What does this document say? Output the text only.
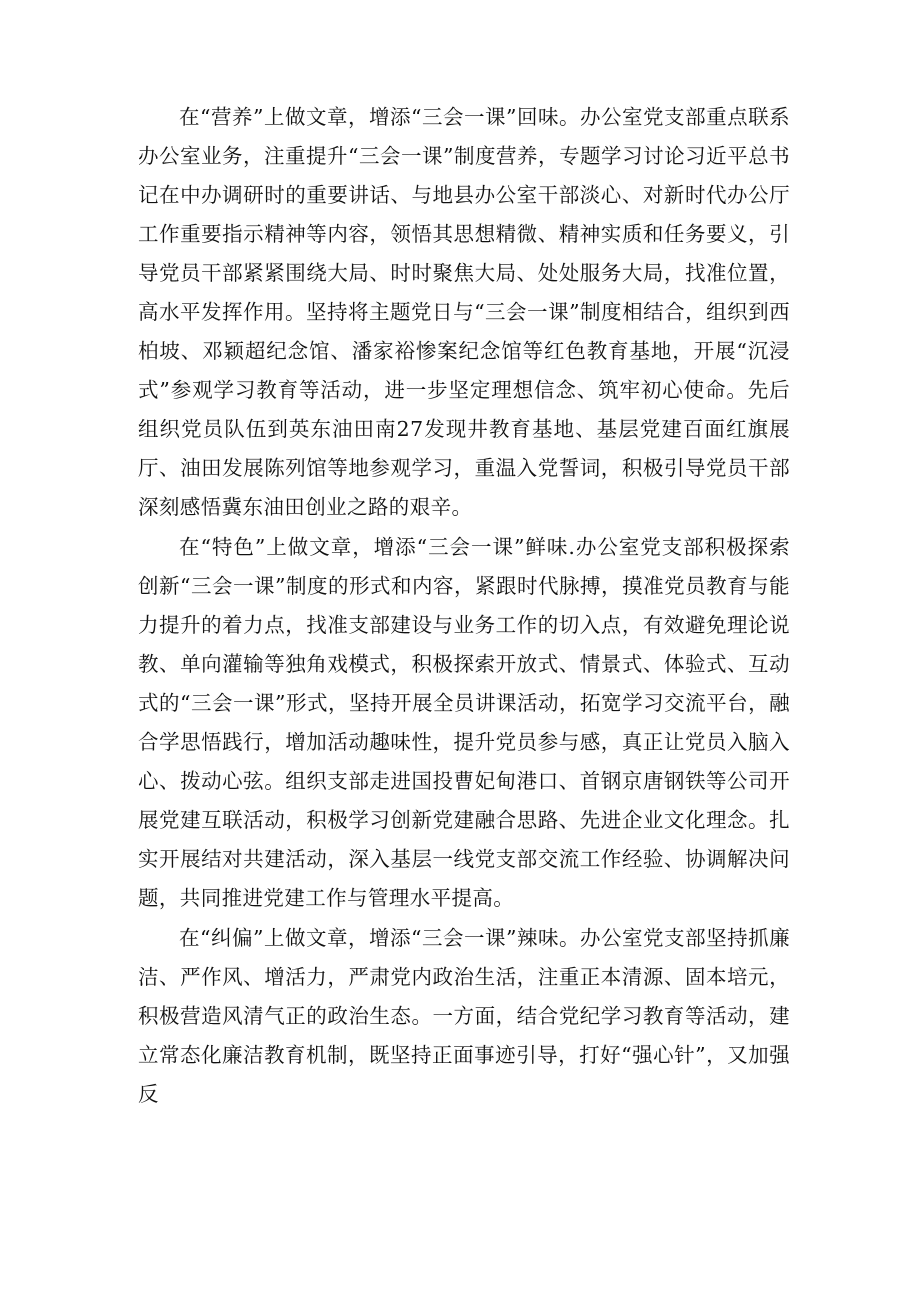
在“营养”上做文章，增添“三会一课”回味。办公室党支部重点联系办公室业务，注重提升“三会一课”制度营养，专题学习讨论习近平总书记在中办调研时的重要讲话、与地县办公室干部淡心、对新时代办公厅工作重要指示精神等内容，领悟其思想精微、精神实质和任务要义，引导党员干部紧紧围绕大局、时时聚焦大局、处处服务大局，找准位置，高水平发挥作用。坚持将主题党日与“三会一课”制度相结合，组织到西柏坡、邓颖超纪念馆、潘家裕惨案纪念馆等红色教育基地，开展“沉浸式”参观学习教育等活动，进一步坚定理想信念、筑牢初心使命。先后组织党员队伍到英东油田南27发现井教育基地、基层党建百面红旗展厅、油田发展陈列馆等地参观学习，重温入党誓词，积极引导党员干部深刻感悟冀东油田创业之路的艰辛。

在“特色”上做文章，增添“三会一课”鲜味.办公室党支部积极探索创新“三会一课”制度的形式和内容，紧跟时代脉搏，摸准党员教育与能力提升的着力点，找准支部建设与业务工作的切入点，有效避免理论说教、单向灌输等独角戏模式，积极探索开放式、情景式、体验式、互动式的“三会一课”形式，坚持开展全员讲课活动，拓宽学习交流平台，融合学思悟践行，增加活动趣味性，提升党员参与感，真正让党员入脑入心、拨动心弦。组织支部走进国投曹妃甸港口、首钢京唐钢铁等公司开展党建互联活动，积极学习创新党建融合思路、先进企业文化理念。扎实开展结对共建活动，深入基层一线党支部交流工作经验、协调解决问题，共同推进党建工作与管理水平提高。

在“纠偏”上做文章，增添“三会一课”辣味。办公室党支部坚持抓廉洁、严作风、增活力，严肃党内政治生活，注重正本清源、固本培元，积极营造风清气正的政治生态。一方面，结合党纪学习教育等活动，建立常态化廉洁教育机制，既坚持正面事迹引导，打好“强心针”，又加强反
